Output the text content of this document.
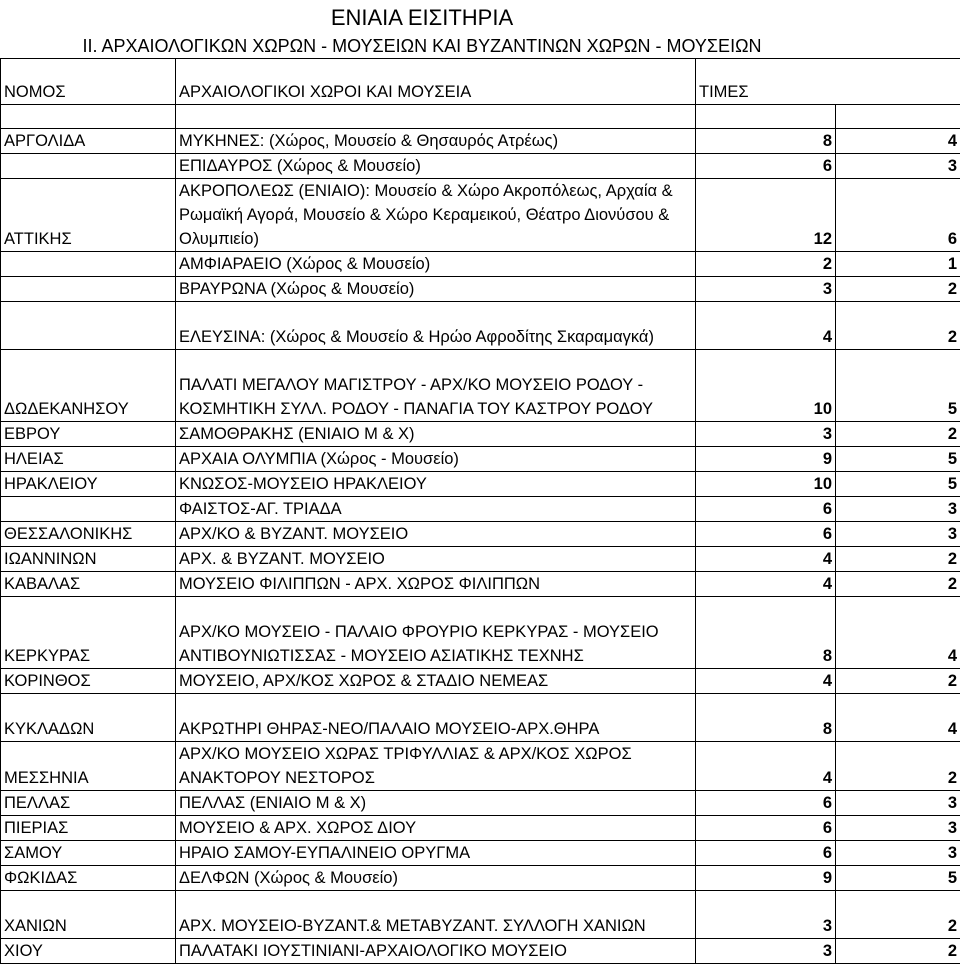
ΕΝΙΑΙΑ ΕΙΣΙΤΗΡΙΑ
ΙΙ. ΑΡΧΑΙΟΛΟΓΙΚΩΝ ΧΩΡΩΝ - ΜΟΥΣΕΙΩΝ ΚΑΙ ΒΥΖΑΝΤΙΝΩΝ ΧΩΡΩΝ - ΜΟΥΣΕΙΩΝ
ΝΟΜΟΣ	ΑΡΧΑΙΟΛΟΓΙΚΟΙ ΧΩΡΟΙ ΚΑΙ ΜΟΥΣΕΙΑ	ΤΙΜΕΣ	

ΑΡΓΟΛΙΔΑ	ΜΥΚΗΝΕΣ: (Χώρος, Μουσείο & Θησαυρός Ατρέως)	8	4
	ΕΠΙΔΑΥΡΟΣ (Χώρος & Μουσείο)	6	3
ΑΤΤΙΚΗΣ	ΑΚΡΟΠΟΛΕΩΣ (ΕΝΙΑΙΟ): Μουσείο & Χώρο Ακροπόλεως, Αρχαία & Ρωμαϊκή Αγορά, Μουσείο & Χώρο Κεραμεικού, Θέατρο Διονύσου & Ολυμπιείο)	12	6
	ΑΜΦΙΑΡΑΕΙΟ (Χώρος & Μουσείο)	2	1
	ΒΡΑΥΡΩΝΑ (Χώρος & Μουσείο)	3	2
	ΕΛΕΥΣΙΝΑ: (Χώρος & Μουσείο & Ηρώο Αφροδίτης Σκαραμαγκά)	4	2
ΔΩΔΕΚΑΝΗΣΟΥ	ΠΑΛΑΤΙ ΜΕΓΑΛΟΥ ΜΑΓΙΣΤΡΟΥ - ΑΡΧ/ΚΟ ΜΟΥΣΕΙΟ ΡΟΔΟΥ - ΚΟΣΜΗΤΙΚΗ ΣΥΛΛ. ΡΟΔΟΥ - ΠΑΝΑΓΙΑ ΤΟΥ ΚΑΣΤΡΟΥ ΡΟΔΟΥ	10	5
ΕΒΡΟΥ	ΣΑΜΟΘΡΑΚΗΣ (ΕΝΙΑΙΟ Μ & Χ)	3	2
ΗΛΕΙΑΣ	ΑΡΧΑΙΑ ΟΛΥΜΠΙΑ (Χώρος - Μουσείο)	9	5
ΗΡΑΚΛΕΙΟΥ	ΚΝΩΣΟΣ-ΜΟΥΣΕΙΟ ΗΡΑΚΛΕΙΟΥ	10	5
	ΦΑΙΣΤΟΣ-ΑΓ. ΤΡΙΑΔΑ	6	3
ΘΕΣΣΑΛΟΝΙΚΗΣ	ΑΡΧ/ΚΟ & ΒΥΖΑΝΤ. ΜΟΥΣΕΙΟ	6	3
ΙΩΑΝΝΙΝΩΝ	ΑΡΧ. & ΒΥΖΑΝΤ. ΜΟΥΣΕΙΟ	4	2
ΚΑΒΑΛΑΣ	ΜΟΥΣΕΙΟ ΦΙΛΙΠΠΩΝ - ΑΡΧ. ΧΩΡΟΣ ΦΙΛΙΠΠΩΝ	4	2
ΚΕΡΚΥΡΑΣ	ΑΡΧ/ΚΟ ΜΟΥΣΕΙΟ - ΠΑΛΑΙΟ ΦΡΟΥΡΙΟ ΚΕΡΚΥΡΑΣ - ΜΟΥΣΕΙΟ ΑΝΤΙΒΟΥΝΙΩΤΙΣΣΑΣ - ΜΟΥΣΕΙΟ ΑΣΙΑΤΙΚΗΣ ΤΕΧΝΗΣ	8	4
ΚΟΡΙΝΘΟΣ	ΜΟΥΣΕΙΟ, ΑΡΧ/ΚΟΣ ΧΩΡΟΣ & ΣΤΑΔΙΟ ΝΕΜΕΑΣ	4	2
ΚΥΚΛΑΔΩΝ	ΑΚΡΩΤΗΡΙ ΘΗΡΑΣ-ΝΕΟ/ΠΑΛΑΙΟ ΜΟΥΣΕΙΟ-ΑΡΧ.ΘΗΡΑ	8	4
ΜΕΣΣΗΝΙΑ	ΑΡΧ/ΚΟ ΜΟΥΣΕΙΟ ΧΩΡΑΣ ΤΡΙΦΥΛΛΙΑΣ & ΑΡΧ/ΚΟΣ ΧΩΡΟΣ ΑΝΑΚΤΟΡΟΥ ΝΕΣΤΟΡΟΣ	4	2
ΠΕΛΛΑΣ	ΠΕΛΛΑΣ (ΕΝΙΑΙΟ Μ & Χ)	6	3
ΠΙΕΡΙΑΣ	ΜΟΥΣΕΙΟ & ΑΡΧ. ΧΩΡΟΣ ΔΙΟΥ	6	3
ΣΑΜΟΥ	ΗΡΑΙΟ ΣΑΜΟΥ-ΕΥΠΑΛΙΝΕΙΟ ΟΡΥΓΜΑ	6	3
ΦΩΚΙΔΑΣ	ΔΕΛΦΩΝ (Χώρος & Μουσείο)	9	5
ΧΑΝΙΩΝ	ΑΡΧ. ΜΟΥΣΕΙΟ-ΒΥΖΑΝΤ.& ΜΕΤΑΒΥΖΑΝΤ. ΣΥΛΛΟΓΗ ΧΑΝΙΩΝ	3	2
ΧΙΟΥ	ΠΑΛΑΤΑΚΙ ΙΟΥΣΤΙΝΙΑΝΙ-ΑΡΧΑΙΟΛΟΓΙΚΟ ΜΟΥΣΕΙΟ	3	2
